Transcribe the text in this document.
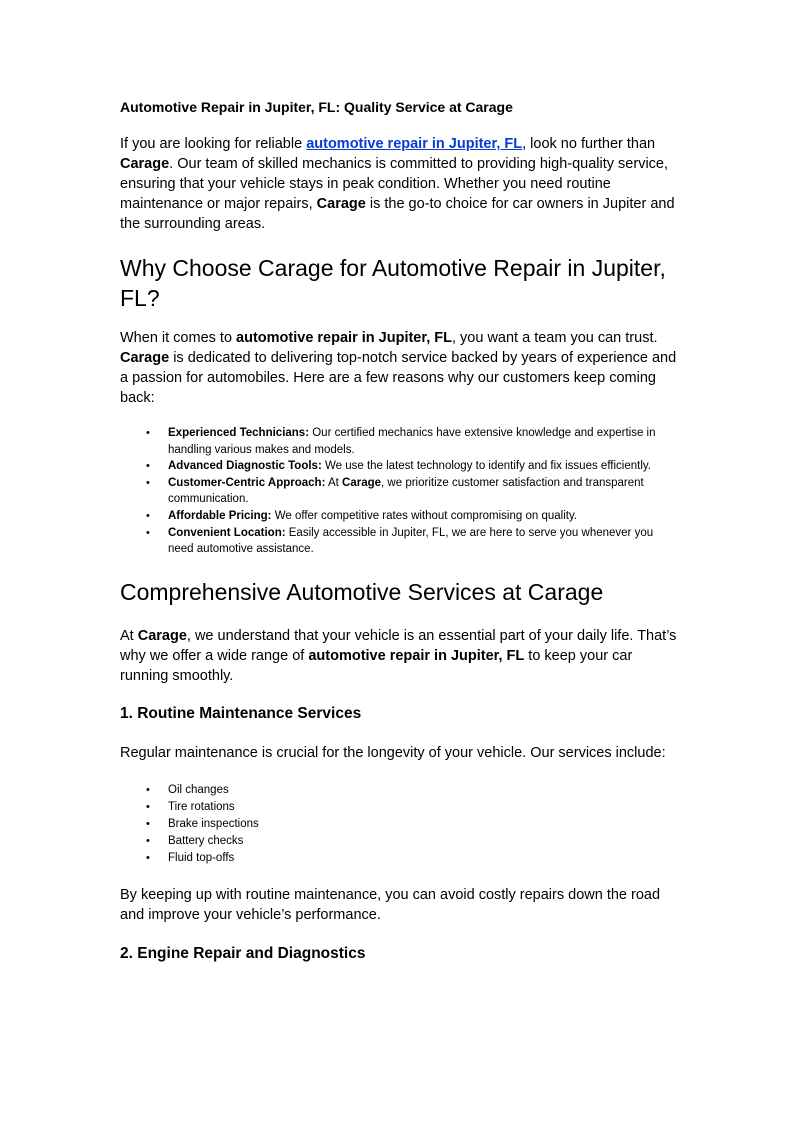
Automotive Repair in Jupiter, FL: Quality Service at Carage

If you are looking for reliable automotive repair in Jupiter, FL, look no further than Carage. Our team of skilled mechanics is committed to providing high-quality service, ensuring that your vehicle stays in peak condition. Whether you need routine maintenance or major repairs, Carage is the go-to choice for car owners in Jupiter and the surrounding areas.

Why Choose Carage for Automotive Repair in Jupiter, FL?

When it comes to automotive repair in Jupiter, FL, you want a team you can trust. Carage is dedicated to delivering top-notch service backed by years of experience and a passion for automobiles. Here are a few reasons why our customers keep coming back:

• Experienced Technicians: Our certified mechanics have extensive knowledge and expertise in handling various makes and models.
• Advanced Diagnostic Tools: We use the latest technology to identify and fix issues efficiently.
• Customer-Centric Approach: At Carage, we prioritize customer satisfaction and transparent communication.
• Affordable Pricing: We offer competitive rates without compromising on quality.
• Convenient Location: Easily accessible in Jupiter, FL, we are here to serve you whenever you need automotive assistance.
Comprehensive Automotive Services at Carage

At Carage, we understand that your vehicle is an essential part of your daily life. That’s why we offer a wide range of automotive repair in Jupiter, FL to keep your car running smoothly.

1. Routine Maintenance Services

Regular maintenance is crucial for the longevity of your vehicle. Our services include:

• Oil changes
• Tire rotations
• Brake inspections
• Battery checks
• Fluid top-offs

By keeping up with routine maintenance, you can avoid costly repairs down the road and improve your vehicle’s performance.

2. Engine Repair and Diagnostics
